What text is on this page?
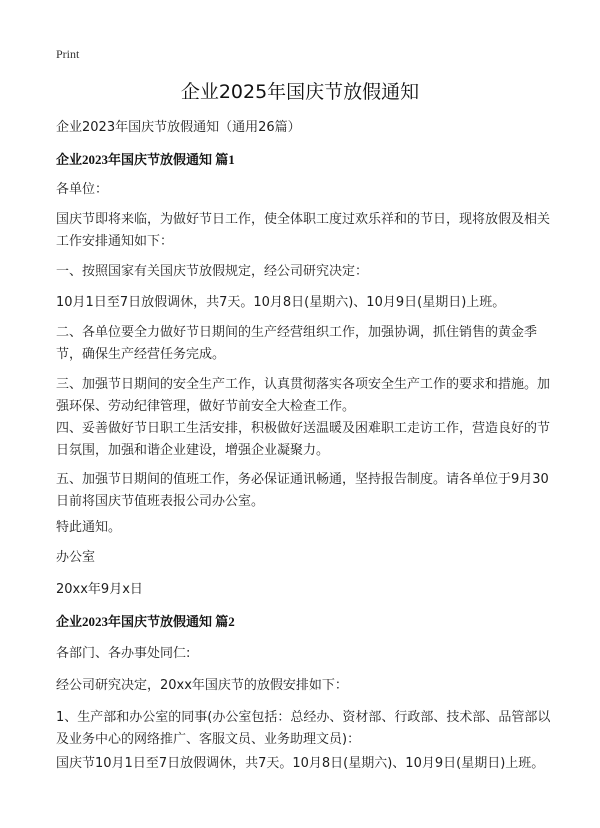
Print
企业2025年国庆节放假通知
企业2023年国庆节放假通知（通用26篇）
企业2023年国庆节放假通知 篇1
各单位：
国庆节即将来临，为做好节日工作，使全体职工度过欢乐祥和的节日，现将放假及相关工作安排通知如下：
一、按照国家有关国庆节放假规定，经公司研究决定：
10月1日至7日放假调休，共7天。10月8日(星期六)、10月9日(星期日)上班。
二、各单位要全力做好节日期间的生产经营组织工作，加强协调，抓住销售的黄金季节，确保生产经营任务完成。
三、加强节日期间的安全生产工作，认真贯彻落实各项安全生产工作的要求和措施。加强环保、劳动纪律管理，做好节前安全大检查工作。
四、妥善做好节日职工生活安排，积极做好送温暖及困难职工走访工作，营造良好的节日氛围，加强和谐企业建设，增强企业凝聚力。
五、加强节日期间的值班工作，务必保证通讯畅通，坚持报告制度。请各单位于9月30日前将国庆节值班表报公司办公室。
特此通知。
办公室
20xx年9月x日
企业2023年国庆节放假通知 篇2
各部门、各办事处同仁:
经公司研究决定，20xx年国庆节的放假安排如下：
1、生产部和办公室的同事(办公室包括：总经办、资材部、行政部、技术部、品管部以及业务中心的网络推广、客服文员、业务助理文员)：
国庆节10月1日至7日放假调休，共7天。10月8日(星期六)、10月9日(星期日)上班。
